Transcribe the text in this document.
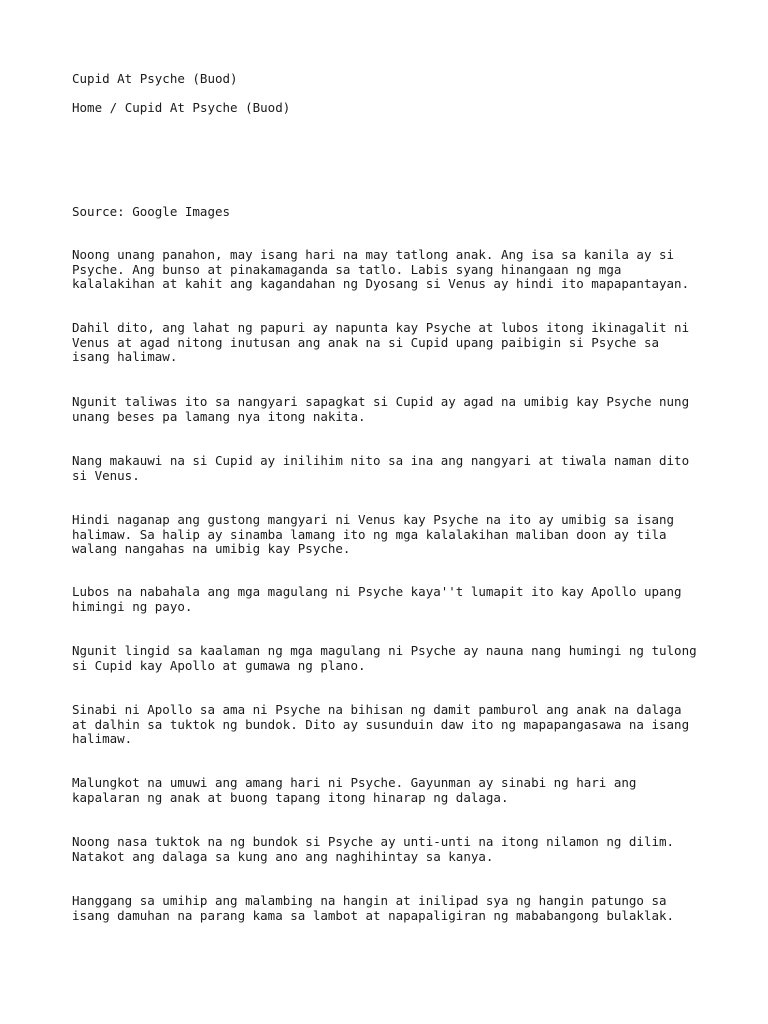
Cupid At Psyche (Buod)
Home / Cupid At Psyche (Buod)
Source: Google Images
Noong unang panahon, may isang hari na may tatlong anak. Ang isa sa kanila ay si
Psyche. Ang bunso at pinakamaganda sa tatlo. Labis syang hinangaan ng mga
kalalakihan at kahit ang kagandahan ng Dyosang si Venus ay hindi ito mapapantayan.
Dahil dito, ang lahat ng papuri ay napunta kay Psyche at lubos itong ikinagalit ni
Venus at agad nitong inutusan ang anak na si Cupid upang paibigin si Psyche sa
isang halimaw.
Ngunit taliwas ito sa nangyari sapagkat si Cupid ay agad na umibig kay Psyche nung
unang beses pa lamang nya itong nakita.
Nang makauwi na si Cupid ay inilihim nito sa ina ang nangyari at tiwala naman dito
si Venus.
Hindi naganap ang gustong mangyari ni Venus kay Psyche na ito ay umibig sa isang
halimaw. Sa halip ay sinamba lamang ito ng mga kalalakihan maliban doon ay tila
walang nangahas na umibig kay Psyche.
Lubos na nabahala ang mga magulang ni Psyche kaya''t lumapit ito kay Apollo upang
himingi ng payo.
Ngunit lingid sa kaalaman ng mga magulang ni Psyche ay nauna nang humingi ng tulong
si Cupid kay Apollo at gumawa ng plano.
Sinabi ni Apollo sa ama ni Psyche na bihisan ng damit pamburol ang anak na dalaga
at dalhin sa tuktok ng bundok. Dito ay susunduin daw ito ng mapapangasawa na isang
halimaw.
Malungkot na umuwi ang amang hari ni Psyche. Gayunman ay sinabi ng hari ang
kapalaran ng anak at buong tapang itong hinarap ng dalaga.
Noong nasa tuktok na ng bundok si Psyche ay unti-unti na itong nilamon ng dilim.
Natakot ang dalaga sa kung ano ang naghihintay sa kanya.
Hanggang sa umihip ang malambing na hangin at inilipad sya ng hangin patungo sa
isang damuhan na parang kama sa lambot at napapaligiran ng mababangong bulaklak.
